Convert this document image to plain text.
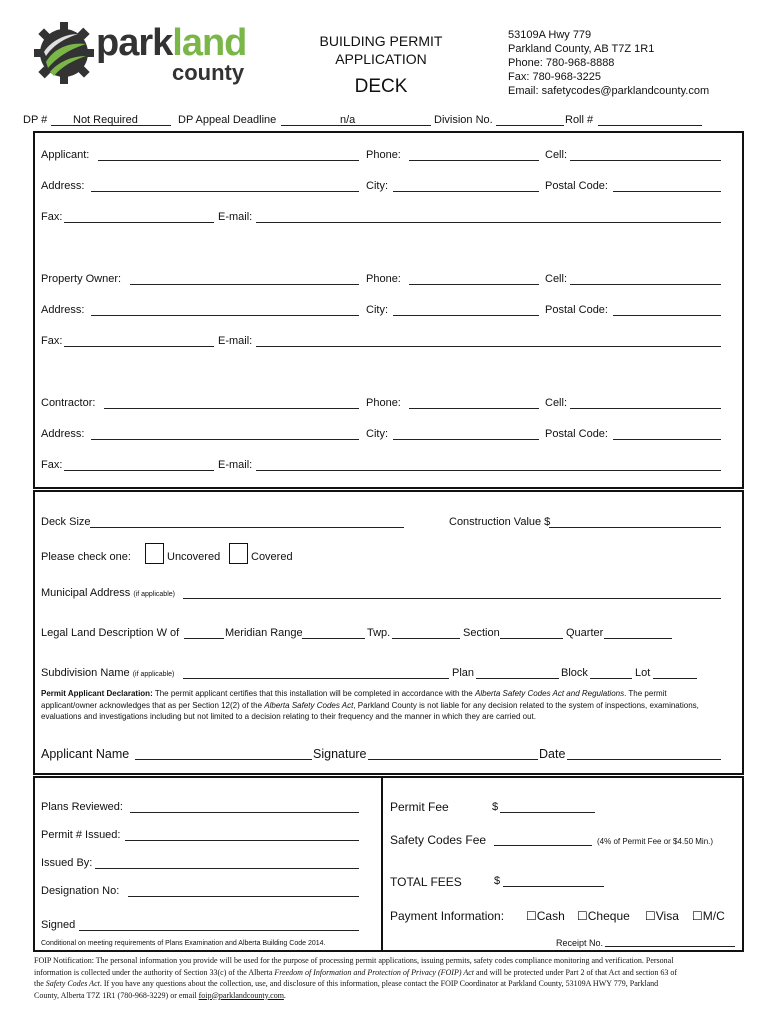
parkland
county
BUILDING PERMIT
APPLICATION
DECK
53109A Hwy 779
Parkland County, AB T7Z 1R1
Phone: 780-968-8888
Fax: 780-968-3225
Email: safetycodes@parklandcounty.com
DP # Not Required	DP Appeal Deadline	n/a	Division No.	Roll #
Applicant:	Phone:	Cell:
Address:	City:	Postal Code:
Fax:	E-mail:
Property Owner:	Phone:	Cell:
Address:	City:	Postal Code:
Fax:	E-mail:
Contractor:	Phone:	Cell:
Address:	City:	Postal Code:
Fax:	E-mail:
Deck Size	Construction Value $
Please check one:	Uncovered	Covered
Municipal Address (if applicable)
Legal Land Description W of	Meridian Range	Twp.	Section	Quarter
Subdivision Name (if applicable)	Plan	Block	Lot
Permit Applicant Declaration: The permit applicant certifies that this installation will be completed in accordance with the Alberta Safety Codes Act and Regulations. The permit
applicant/owner acknowledges that as per Section 12(2) of the Alberta Safety Codes Act, Parkland County is not liable for any decision related to the system of inspections, examinations,
evaluations and investigations including but not limited to a decision relating to their frequency and the manner in which they are carried out.
Applicant Name	Signature	Date
Plans Reviewed:
Permit # Issued:
Issued By:
Designation No:
Signed
Conditional on meeting requirements of Plans Examination and Alberta Building Code 2014.
Permit Fee	$
Safety Codes Fee	(4% of Permit Fee or $4.50 Min.)
TOTAL FEES	$
Payment Information: ☐Cash ☐Cheque ☐Visa ☐M/C
Receipt No.
FOIP Notification: The personal information you provide will be used for the purpose of processing permit applications, issuing permits, safety codes compliance monitoring and verification. Personal
information is collected under the authority of Section 33(c) of the Alberta Freedom of Information and Protection of Privacy (FOIP) Act and will be protected under Part 2 of that Act and section 63 of
the Safety Codes Act. If you have any questions about the collection, use, and disclosure of this information, please contact the FOIP Coordinator at Parkland County, 53109A HWY 779, Parkland
County, Alberta T7Z 1R1 (780-968-3229) or email foip@parklandcounty.com.
